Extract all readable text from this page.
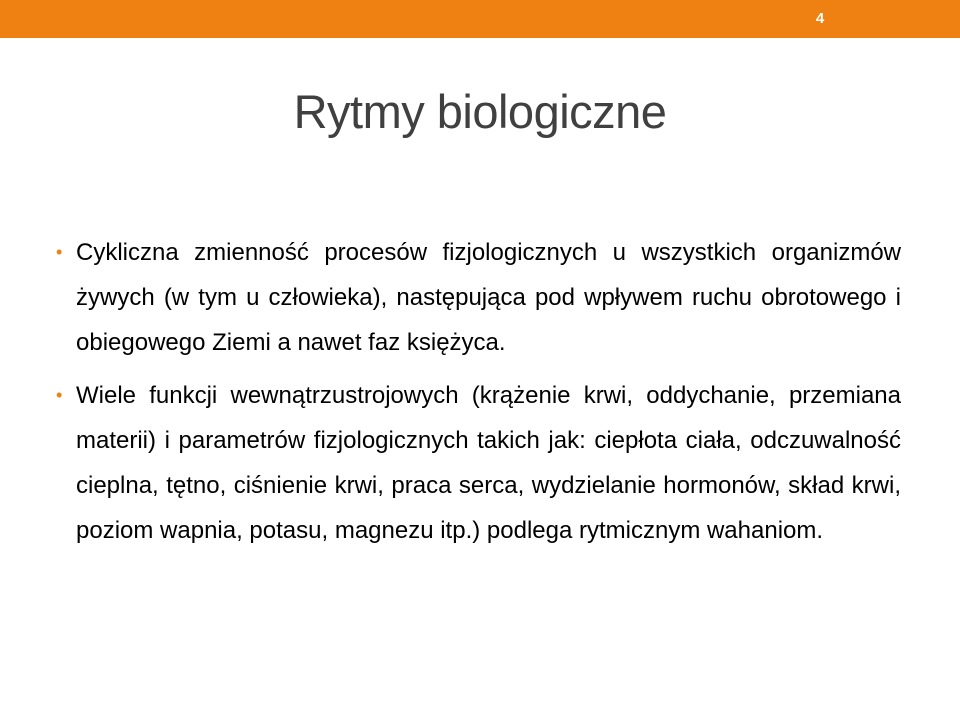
4
Rytmy biologiczne
• Cykliczna zmienność procesów fizjologicznych u wszystkich organizmów żywych (w tym u człowieka), następująca pod wpływem ruchu obrotowego i obiegowego Ziemi a nawet faz księżyca.
• Wiele funkcji wewnątrzustrojowych (krążenie krwi, oddychanie, przemiana materii) i parametrów fizjologicznych takich jak: ciepłota ciała, odczuwalność cieplna, tętno, ciśnienie krwi, praca serca, wydzielanie hormonów, skład krwi, poziom wapnia, potasu, magnezu itp.) podlega rytmicznym wahaniom.
